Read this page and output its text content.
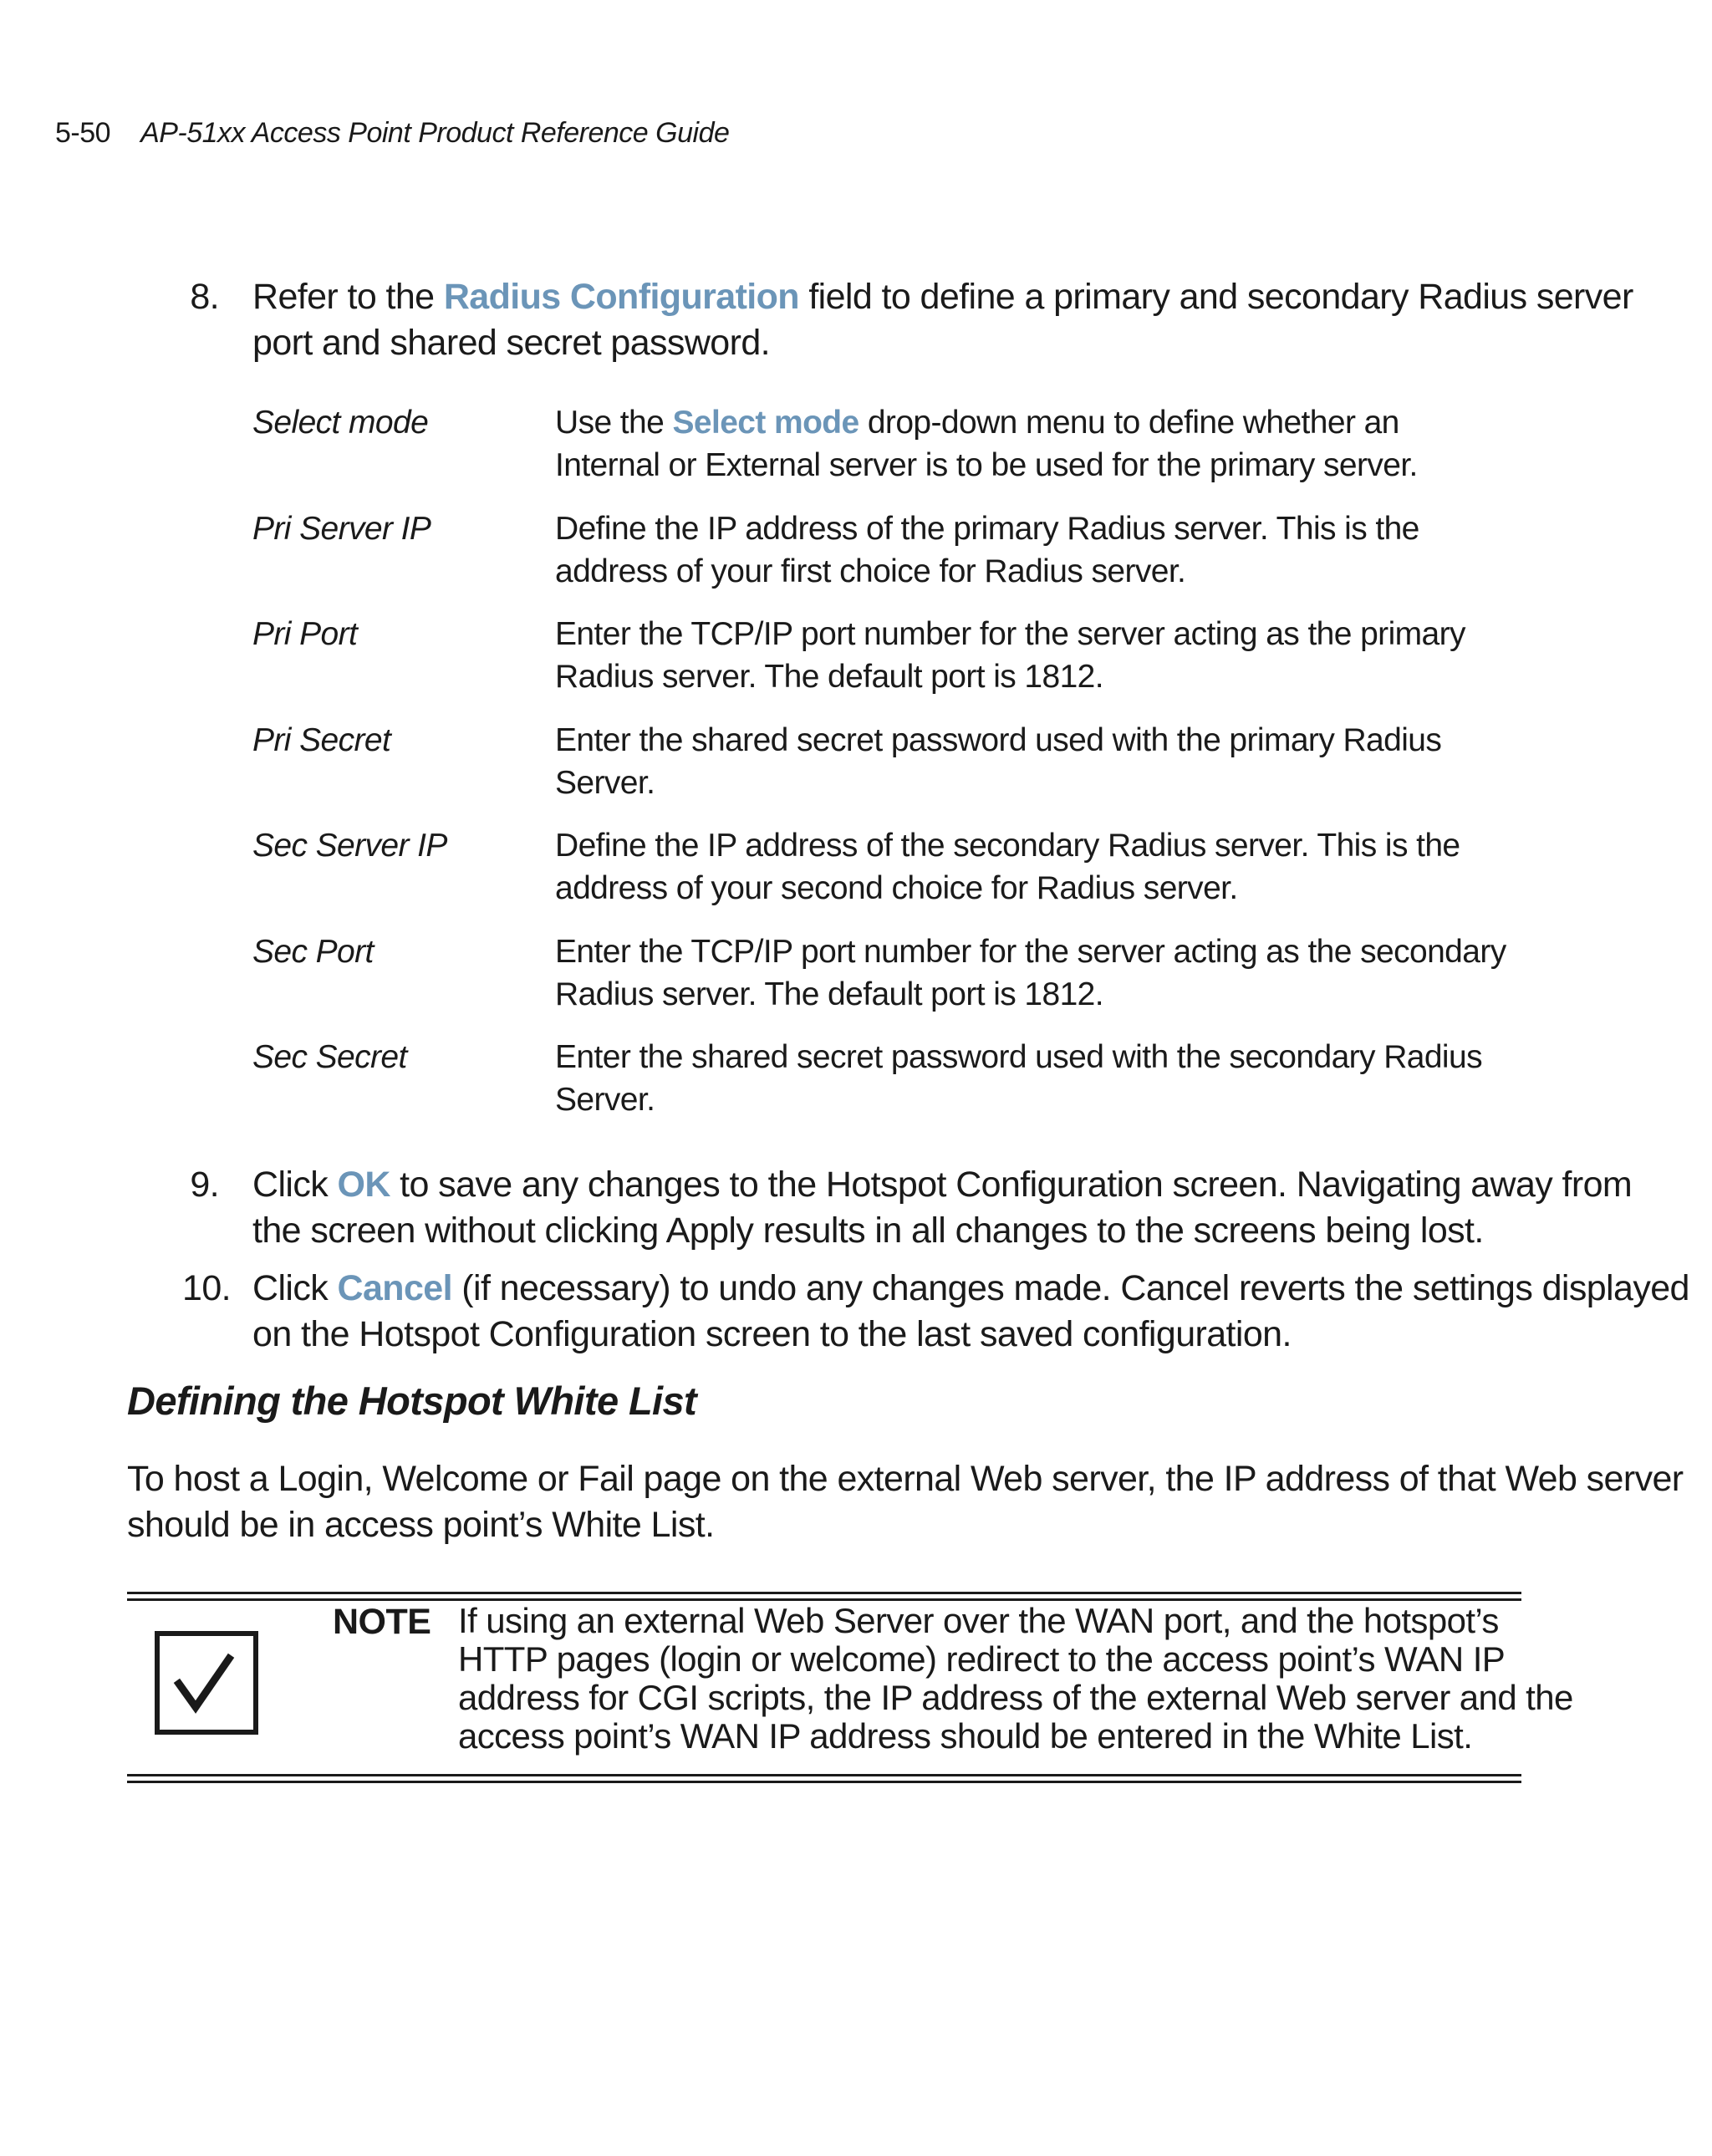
5-50 AP-51xx Access Point Product Reference Guide
8. Refer to the Radius Configuration field to define a primary and secondary Radius server
port and shared secret password.
Select mode	Use the Select mode drop-down menu to define whether an
Internal or External server is to be used for the primary server.
Pri Server IP	Define the IP address of the primary Radius server. This is the
address of your first choice for Radius server.
Pri Port	Enter the TCP/IP port number for the server acting as the primary
Radius server. The default port is 1812.
Pri Secret	Enter the shared secret password used with the primary Radius
Server.
Sec Server IP	Define the IP address of the secondary Radius server. This is the
address of your second choice for Radius server.
Sec Port	Enter the TCP/IP port number for the server acting as the secondary
Radius server. The default port is 1812.
Sec Secret	Enter the shared secret password used with the secondary Radius
Server.
9. Click OK to save any changes to the Hotspot Configuration screen. Navigating away from
the screen without clicking Apply results in all changes to the screens being lost.
10. Click Cancel (if necessary) to undo any changes made. Cancel reverts the settings displayed
on the Hotspot Configuration screen to the last saved configuration.
Defining the Hotspot White List
To host a Login, Welcome or Fail page on the external Web server, the IP address of that Web server
should be in access point’s White List.
NOTE If using an external Web Server over the WAN port, and the hotspot’s
HTTP pages (login or welcome) redirect to the access point’s WAN IP
address for CGI scripts, the IP address of the external Web server and the
access point’s WAN IP address should be entered in the White List.
